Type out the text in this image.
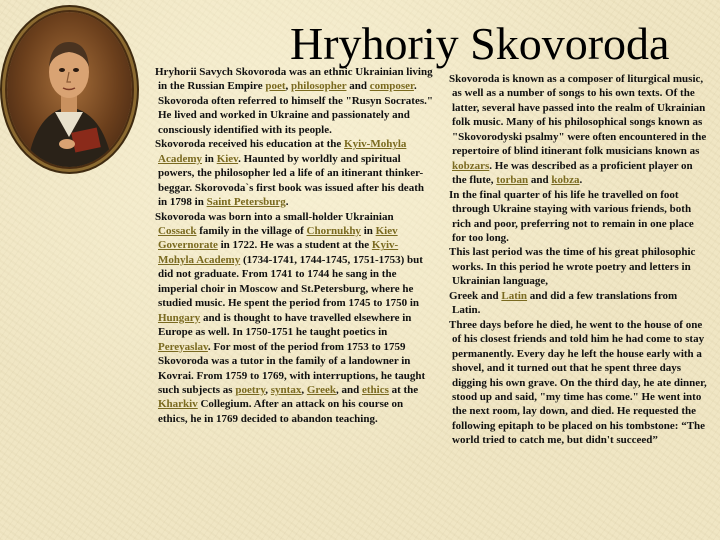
Hryhoriy Skovoroda

Hryhorii Savych Skovoroda was an ethnic Ukrainian living in the Russian Empire poet, philosopher and composer. Skovoroda often referred to himself the "Rusyn Socrates." He lived and worked in Ukraine and passionately and consciously identified with its people.

Skovoroda received his education at the Kyiv-Mohyla Academy in Kiev. Haunted by worldly and spiritual powers, the philosopher led a life of an itinerant thinker-beggar. Skorovoda`s first book was issued after his death in 1798 in Saint Petersburg.

Skovoroda was born into a small-holder Ukrainian Cossack family in the village of Chornukhy in Kiev Governorate in 1722. He was a student at the Kyiv-Mohyla Academy (1734-1741, 1744-1745, 1751-1753) but did not graduate. From 1741 to 1744 he sang in the imperial choir in Moscow and St.Petersburg, where he studied music. He spent the period from 1745 to 1750 in Hungary and is thought to have travelled elsewhere in Europe as well. In 1750-1751 he taught poetics in Pereyaslav. For most of the period from 1753 to 1759 Skovoroda was a tutor in the family of a landowner in Kovrai. From 1759 to 1769, with interruptions, he taught such subjects as poetry, syntax, Greek, and ethics at the Kharkiv Collegium. After an attack on his course on ethics, he in 1769 decided to abandon teaching.

Skovoroda is known as a composer of liturgical music, as well as a number of songs to his own texts. Of the latter, several have passed into the realm of Ukrainian folk music. Many of his philosophical songs known as "Skovorodyski psalmy" were often encountered in the repertoire of blind itinerant folk musicians known as kobzars. He was described as a proficient player on the flute, torban and kobza.

In the final quarter of his life he travelled on foot through Ukraine staying with various friends, both rich and poor, preferring not to remain in one place for too long.

This last period was the time of his great philosophic works. In this period he wrote poetry and letters in Ukrainian language,

Greek and Latin and did a few translations from Latin.

Three days before he died, he went to the house of one of his closest friends and told him he had come to stay permanently. Every day he left the house early with a shovel, and it turned out that he spent three days digging his own grave. On the third day, he ate dinner, stood up and said, "my time has come." He went into the next room, lay down, and died. He requested the following epitaph to be placed on his tombstone: “The world tried to catch me, but didn't succeed”
